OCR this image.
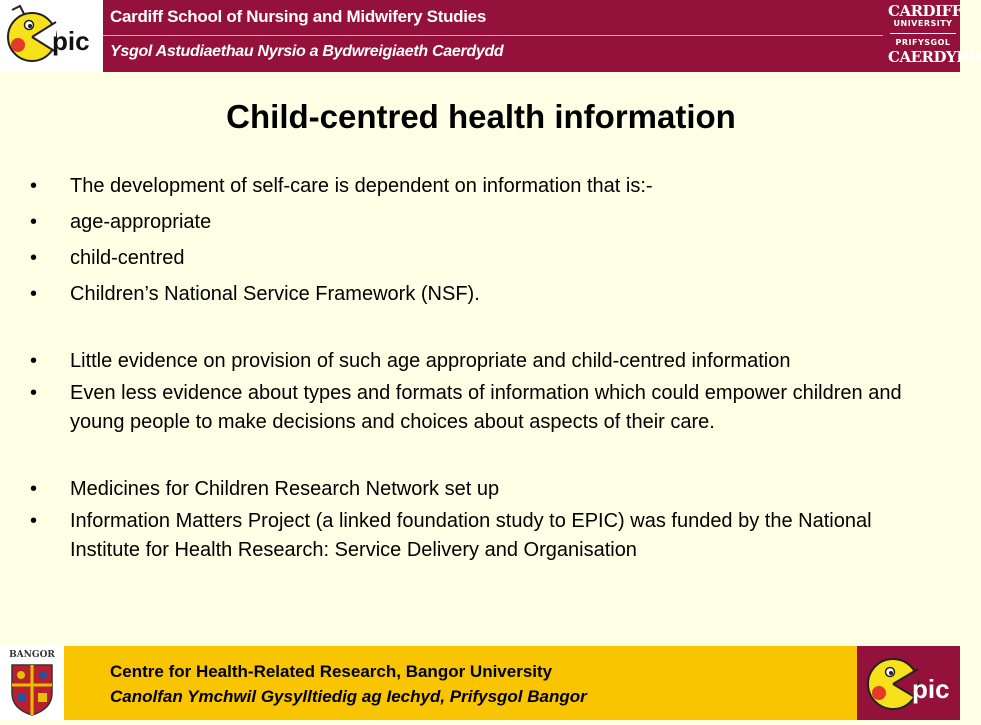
pic
Cardiff School of Nursing and Midwifery Studies
Ysgol Astudiaethau Nyrsio a Bydwreigiaeth Caerdydd
CARDIFF
UNIVERSITY
PRIFYSGOL
CAERDYDD
Child-centred health information
• The development of self-care is dependent on information that is:-
• age-appropriate
• child-centred
• Children’s National Service Framework (NSF).
• Little evidence on provision of such age appropriate and child-centred information
• Even less evidence about types and formats of information which could empower children and young people to make decisions and choices about aspects of their care.
• Medicines for Children Research Network set up
• Information Matters Project (a linked foundation study to EPIC) was funded by the National Institute for Health Research: Service Delivery and Organisation
BANGOR
Centre for Health-Related Research, Bangor University
Canolfan Ymchwil Gysylltiedig ag Iechyd, Prifysgol Bangor	pic
